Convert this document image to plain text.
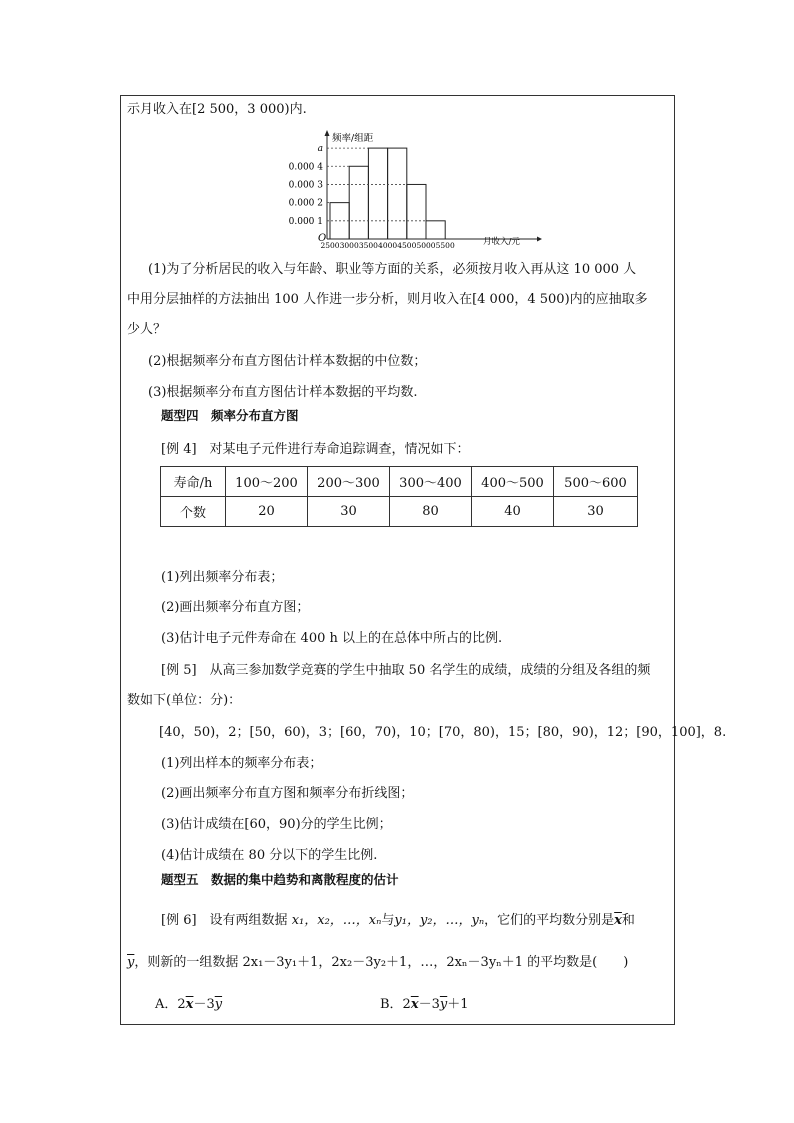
示月收入在[2 500，3 000)内.
频率/组距
月收入/元
O
0.000 1
0.000 2
0.000 3
0.000 4
a
2500 3000 3500 4000 4500 5000 5500
(1)为了分析居民的收入与年龄、职业等方面的关系，必须按月收入再从这 10 000 人
中用分层抽样的方法抽出 100 人作进一步分析，则月收入在[4 000，4 500)内的应抽取多
少人？
(2)根据频率分布直方图估计样本数据的中位数；
(3)根据频率分布直方图估计样本数据的平均数.
题型四　频率分布直方图
[例 4]　对某电子元件进行寿命追踪调查，情况如下：
寿命/h	100～200	200～300	300～400	400～500	500～600
个数	20	30	80	40	30
(1)列出频率分布表；
(2)画出频率分布直方图；
(3)估计电子元件寿命在 400 h 以上的在总体中所占的比例.
[例 5]　从高三参加数学竞赛的学生中抽取 50 名学生的成绩，成绩的分组及各组的频
数如下(单位：分)：
[40，50)，2；[50，60)，3；[60，70)，10；[70，80)，15；[80，90)，12；[90，100]，8.
(1)列出样本的频率分布表；
(2)画出频率分布直方图和频率分布折线图；
(3)估计成绩在[60，90)分的学生比例；
(4)估计成绩在 80 分以下的学生比例.
题型五　数据的集中趋势和离散程度的估计
[例 6]　设有两组数据 x₁，x₂，…，xₙ与y₁，y₂，…，yₙ，它们的平均数分别是$\overline{x}$和
$\overline{y}$，则新的一组数据 2x₁－3y₁＋1，2x₂－3y₂＋1，…，2xₙ－3yₙ＋1 的平均数是(　　)
A．$2\overline{x}-3\overline{y}$	B．$2\overline{x}-3\overline{y}+1$
